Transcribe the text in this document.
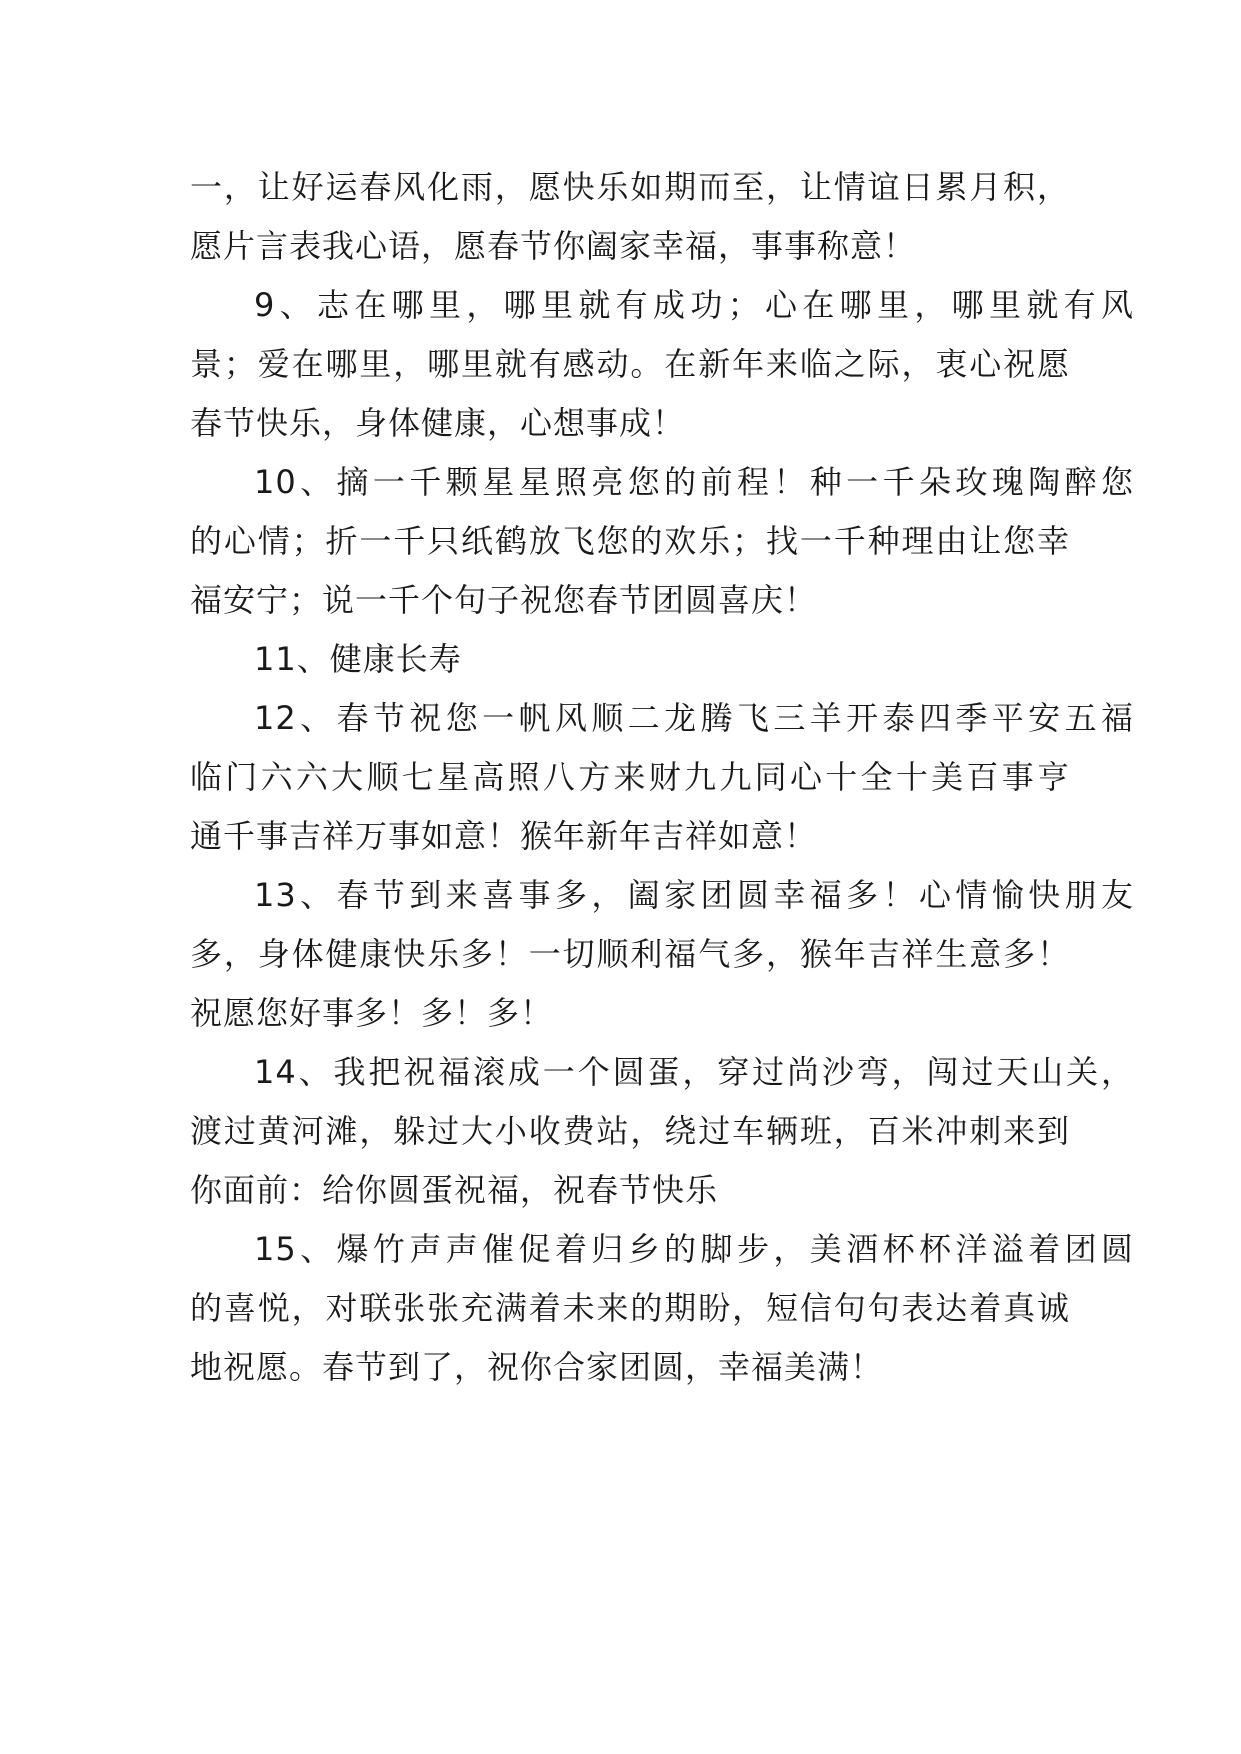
一，让好运春风化雨，愿快乐如期而至，让情谊日累月积，
愿片言表我心语，愿春节你阖家幸福，事事称意！
9、志在哪里，哪里就有成功；心在哪里，哪里就有风
景；爱在哪里，哪里就有感动。在新年来临之际，衷心祝愿
春节快乐，身体健康，心想事成！
10、摘一千颗星星照亮您的前程！种一千朵玫瑰陶醉您
的心情；折一千只纸鹤放飞您的欢乐；找一千种理由让您幸
福安宁；说一千个句子祝您春节团圆喜庆！
11、健康长寿
12、春节祝您一帆风顺二龙腾飞三羊开泰四季平安五福
临门六六大顺七星高照八方来财九九同心十全十美百事亨
通千事吉祥万事如意！猴年新年吉祥如意！
13、春节到来喜事多，阖家团圆幸福多！心情愉快朋友
多，身体健康快乐多！一切顺利福气多，猴年吉祥生意多！
祝愿您好事多！多！多！
14、我把祝福滚成一个圆蛋，穿过尚沙弯，闯过天山关，
渡过黄河滩，躲过大小收费站，绕过车辆班，百米冲刺来到
你面前：给你圆蛋祝福，祝春节快乐
15、爆竹声声催促着归乡的脚步，美酒杯杯洋溢着团圆
的喜悦，对联张张充满着未来的期盼，短信句句表达着真诚
地祝愿。春节到了，祝你合家团圆，幸福美满！
